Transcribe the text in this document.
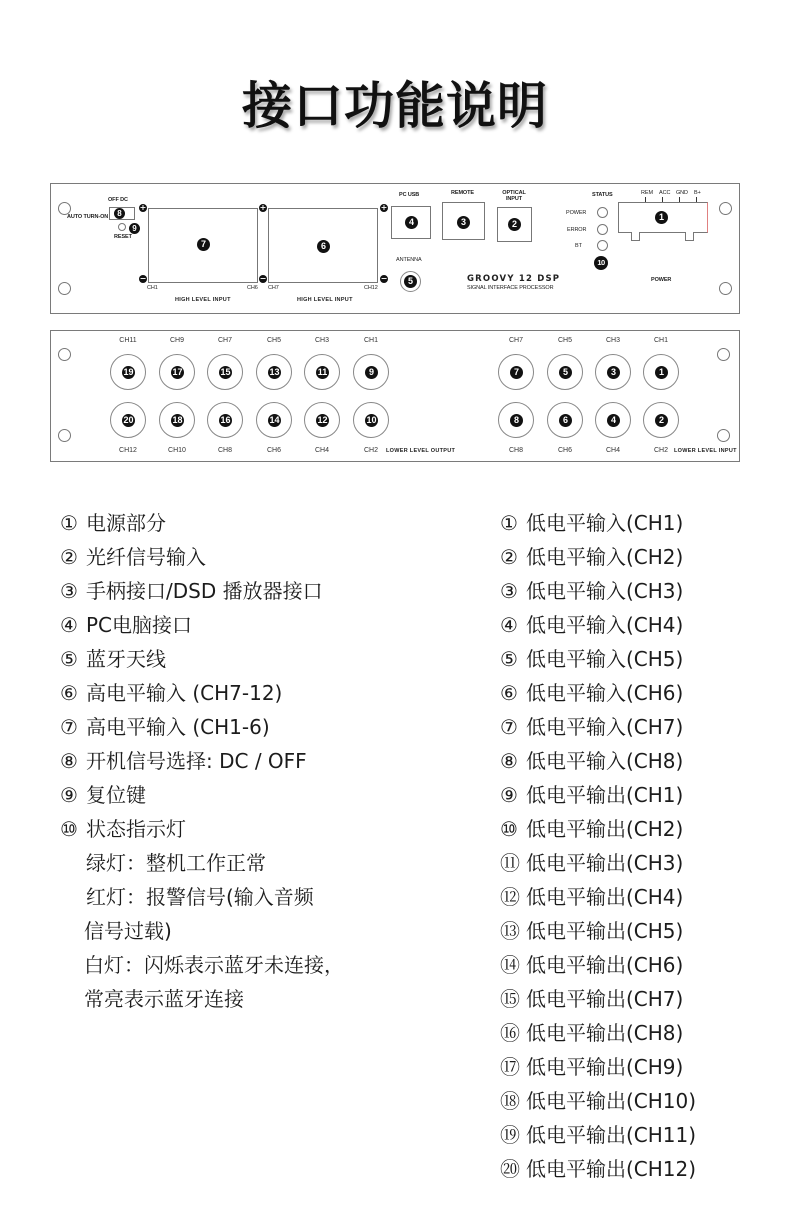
接口功能说明
OFF DC
8
AUTO TURN-ON
9
RESET
+
−
7
CH1	CH6
HIGH LEVEL INPUT
+
−
6
CH7	CH12
HIGH LEVEL INPUT
+
−
PC USB
4
REMOTE
3
OPTICAL
INPUT
2
ANTENNA
5	GROOVY 12 DSP
SIGNAL INTERFACE PROCESSOR
STATUS
POWER
ERROR
BT
10
REM ACC GND B+
1
POWER
CH11	CH9	CH7	CH5	CH3	CH1
19	17	15	13	11	9
20	18	16	14	12	10
CH12	CH10	CH8	CH6	CH4	CH2	LOWER LEVEL OUTPUT
CH7	CH5	CH3	CH1
7	5	3	1
8	6	4	2
CH8	CH6	CH4	CH2	LOWER LEVEL INPUT
① 电源部分
② 光纤信号输入
③ 手柄接口/DSD 播放器接口
④ PC电脑接口
⑤ 蓝牙天线
⑥ 高电平输入 (CH7-12)
⑦ 高电平输入 (CH1-6)
⑧ 开机信号选择: DC / OFF
⑨ 复位键
⑩ 状态指示灯
绿灯：整机工作正常
红灯：报警信号(输入音频
信号过载)
白灯：闪烁表示蓝牙未连接，
常亮表示蓝牙连接
① 低电平输入(CH1)
② 低电平输入(CH2)
③ 低电平输入(CH3)
④ 低电平输入(CH4)
⑤ 低电平输入(CH5)
⑥ 低电平输入(CH6)
⑦ 低电平输入(CH7)
⑧ 低电平输入(CH8)
⑨ 低电平输出(CH1)
⑩ 低电平输出(CH2)
⑪ 低电平输出(CH3)
⑫ 低电平输出(CH4)
⑬ 低电平输出(CH5)
⑭ 低电平输出(CH6)
⑮ 低电平输出(CH7)
⑯ 低电平输出(CH8)
⑰ 低电平输出(CH9)
⑱ 低电平输出(CH10)
⑲ 低电平输出(CH11)
⑳ 低电平输出(CH12)
